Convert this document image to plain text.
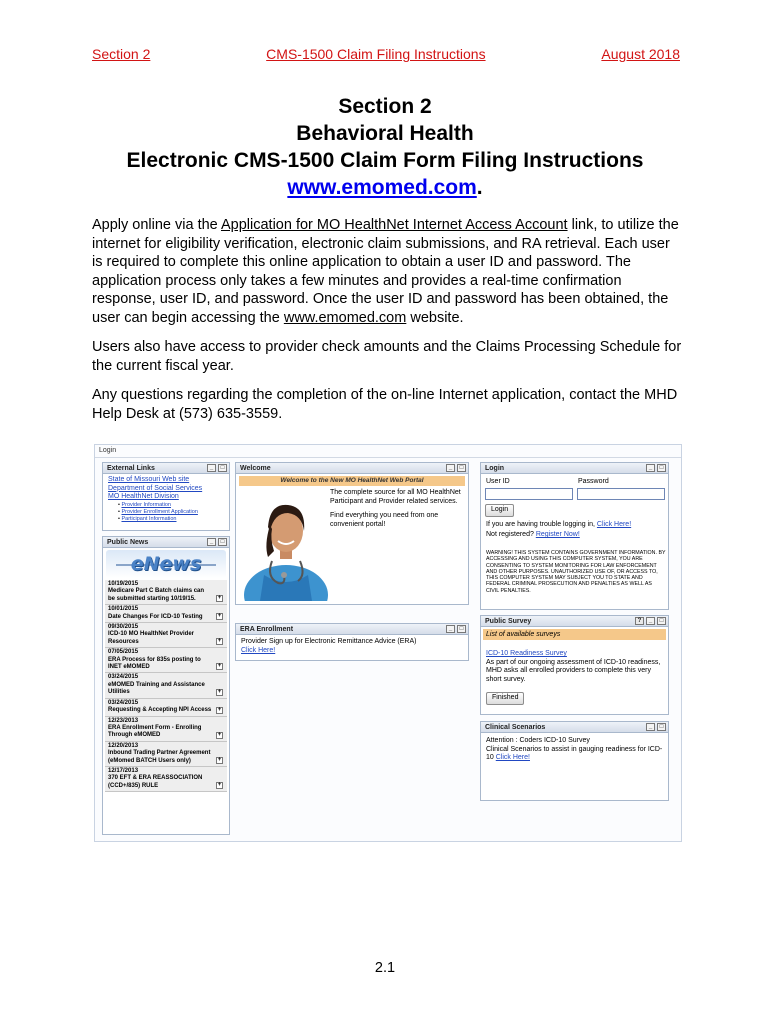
Section 2	CMS-1500 Claim Filing Instructions	August 2018
Section 2
Behavioral Health
Electronic CMS-1500 Claim Form Filing Instructions
www.emomed.com.

Apply online via the Application for MO HealthNet Internet Access Account link, to utilize the internet for eligibility verification, electronic claim submissions, and RA retrieval. Each user is required to complete this online application to obtain a user ID and password. The application process only takes a few minutes and provides a real-time confirmation response, user ID, and password. Once the user ID and password has been obtained, the user can begin accessing the www.emomed.com website.

Users also have access to provider check amounts and the Claims Processing Schedule for the current fiscal year.

Any questions regarding the completion of the on-line Internet application, contact the MHD Help Desk at (573) 635-3559.

Login
External Links	_	□
State of Missouri Web site
Department of Social Services
MO HealthNet Division
• Provider Information
• Provider Enrollment Application
• Participant Information
Public News	_	□
eNews
10/19/2015
Medicare Part C Batch claims can be submitted starting 10/19/15.	+
10/01/2015
Date Changes For ICD-10 Testing	+
09/30/2015
ICD-10 MO HealthNet Provider Resources	+
07/05/2015
ERA Process for 835s posting to INET eMOMED	+
03/24/2015
eMOMED Training and Assistance Utilities	+
03/24/2015
Requesting & Accepting NPI Access	+
12/23/2013
ERA Enrollment Form - Enrolling Through eMOMED	+
12/20/2013
Inbound Trading Partner Agreement (eMomed BATCH Users only)	+
12/17/2013
370 EFT & ERA REASSOCIATION (CCD+/835) RULE	+
Welcome	_	□
Welcome to the New MO HealthNet Web Portal
The complete source for all MO HealthNet Participant and Provider related services.
Find everything you need from one convenient portal!
ERA Enrollment	_	□
Provider Sign up for Electronic Remittance Advice (ERA)
Click Here!
Login	_	□
User ID	Password
Login
If you are having trouble logging in, Click Here!
Not registered? Register Now!
WARNING! THIS SYSTEM CONTAINS GOVERNMENT INFORMATION. BY ACCESSING AND USING THIS COMPUTER SYSTEM, YOU ARE CONSENTING TO SYSTEM MONITORING FOR LAW ENFORCEMENT AND OTHER PURPOSES. UNAUTHORIZED USE OF, OR ACCESS TO, THIS COMPUTER SYSTEM MAY SUBJECT YOU TO STATE AND FEDERAL CRIMINAL PROSECUTION AND PENALTIES AS WELL AS CIVIL PENALTIES.
Public Survey	?	_	□
List of available surveys
ICD-10 Readiness Survey
As part of our ongoing assessment of ICD-10 readiness, MHD asks all enrolled providers to complete this very short survey.
Finished
Clinical Scenarios	_	□
Attention : Coders ICD-10 Survey
Clinical Scenarios to assist in gauging readiness for ICD-10 Click Here!
2.1
